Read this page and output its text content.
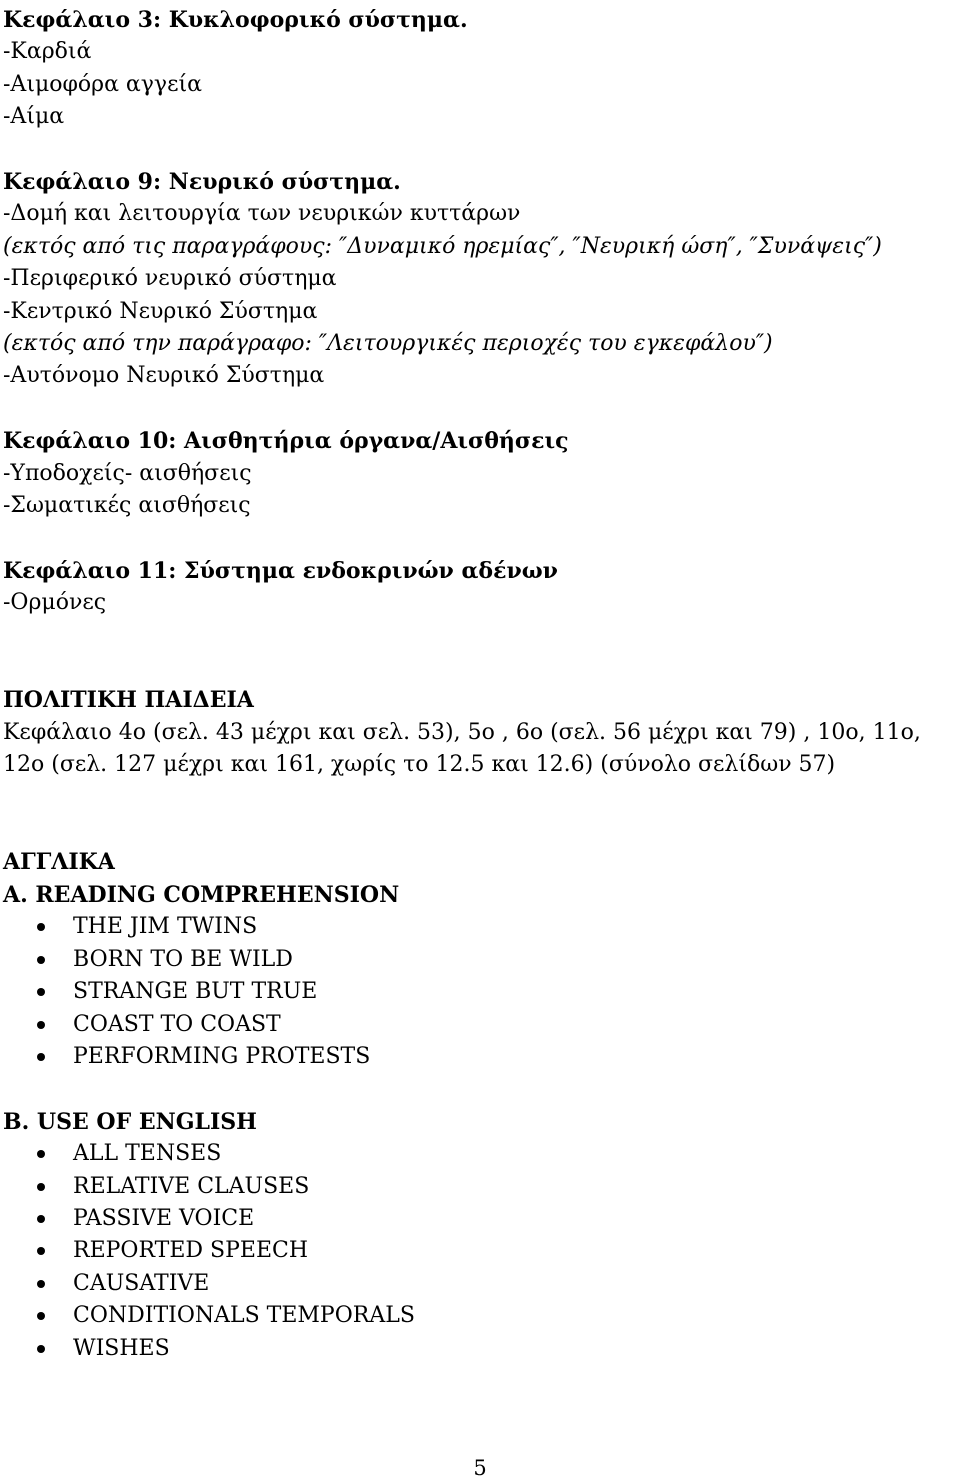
Κεφάλαιο 3: Κυκλοφορικό σύστημα.
-Καρδιά
-Αιμοφόρα αγγεία
-Αίμα
Κεφάλαιο 9: Νευρικό σύστημα.
-Δομή και λειτουργία των νευρικών κυττάρων
(εκτός από τις παραγράφους: ″Δυναμικό ηρεμίας″, ″Νευρική ώση″, ″Συνάψεις″)
-Περιφερικό νευρικό σύστημα
-Κεντρικό Νευρικό Σύστημα
(εκτός από την παράγραφο: ″Λειτουργικές περιοχές του εγκεφάλου″)
-Αυτόνομο Νευρικό Σύστημα
Κεφάλαιο 10: Αισθητήρια όργανα/Αισθήσεις
-Υποδοχείς- αισθήσεις
-Σωματικές αισθήσεις
Κεφάλαιο 11: Σύστημα ενδοκρινών αδένων
-Ορμόνες
ΠΟΛΙΤΙΚΗ ΠΑΙΔΕΙΑ
Κεφάλαιο 4ο (σελ. 43 μέχρι και σελ. 53), 5ο , 6ο (σελ. 56 μέχρι και 79) , 10ο, 11ο,
12ο (σελ. 127 μέχρι και 161, χωρίς το 12.5 και 12.6) (σύνολο σελίδων 57)
ΑΓΓΛΙΚΑ
A. READING COMPREHENSION
THE JIM TWINS
BORN TO BE WILD
STRANGE BUT TRUE
COAST TO COAST
PERFORMING PROTESTS
B. USE OF ENGLISH
ALL TENSES
RELATIVE CLAUSES
PASSIVE VOICE
REPORTED SPEECH
CAUSATIVE
CONDITIONALS TEMPORALS
WISHES
5
